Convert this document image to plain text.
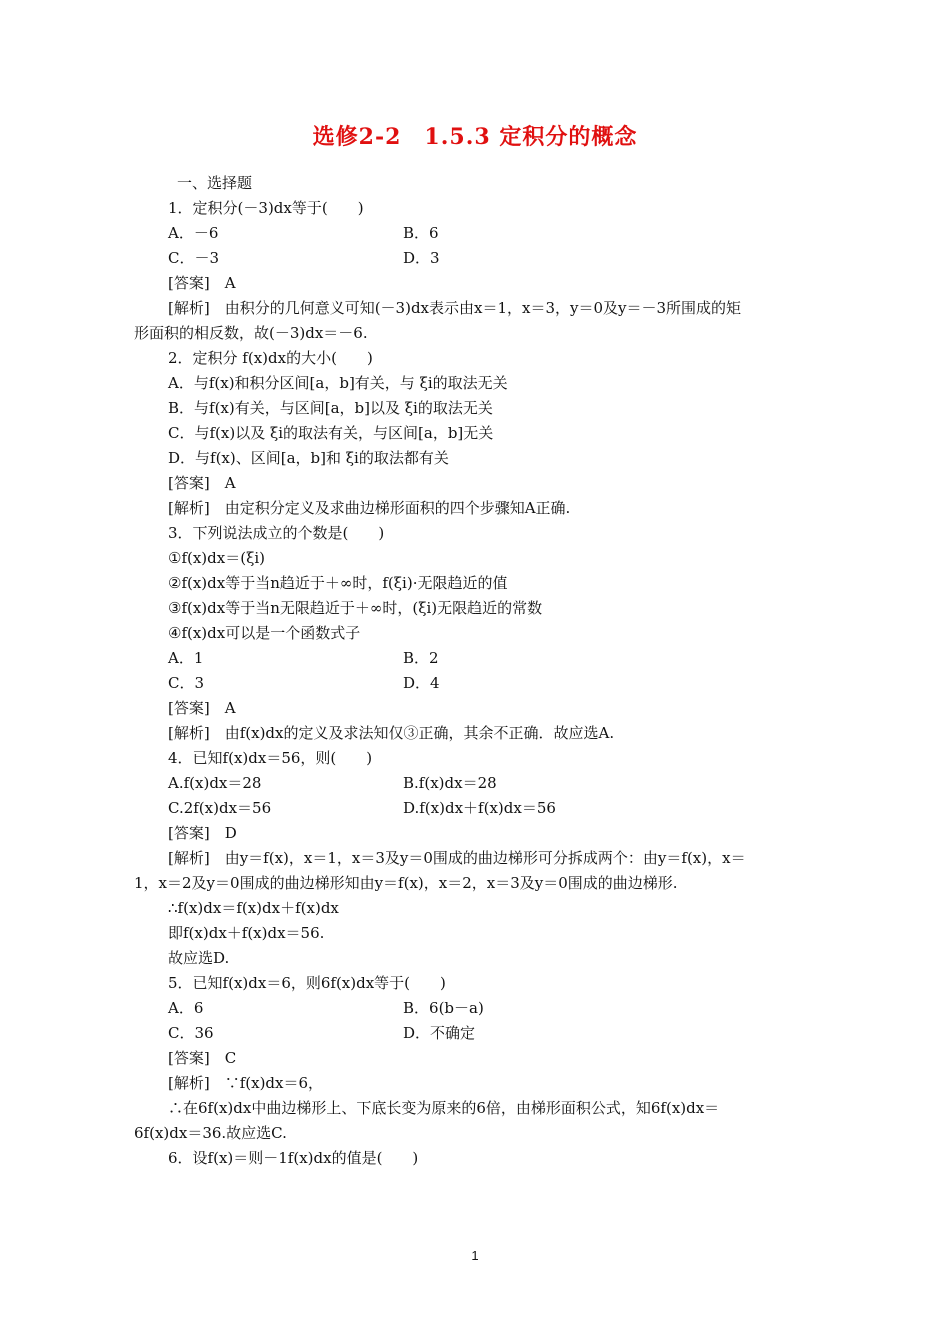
选修2-2　1.5.3 定积分的概念
一、选择题
1．定积分(－3)dx等于(　　)
A．－6	B．6
C．－3	D．3
[答案]　A
[解析]　由积分的几何意义可知(－3)dx表示由x＝1，x＝3，y＝0及y＝－3所围成的矩
形面积的相反数，故(－3)dx＝－6.
2．定积分 f(x)dx的大小(　　)
A．与f(x)和积分区间[a，b]有关，与 ξi的取法无关
B．与f(x)有关，与区间[a，b]以及 ξi的取法无关
C．与f(x)以及 ξi的取法有关，与区间[a，b]无关
D．与f(x)、区间[a，b]和 ξi的取法都有关
[答案]　A
[解析]　由定积分定义及求曲边梯形面积的四个步骤知A正确.
3．下列说法成立的个数是(　　)
①f(x)dx＝(ξi)
②f(x)dx等于当n趋近于＋∞时，f(ξi)·无限趋近的值
③f(x)dx等于当n无限趋近于＋∞时，(ξi)无限趋近的常数
④f(x)dx可以是一个函数式子
A．1	B．2
C．3	D．4
[答案]　A
[解析]　由f(x)dx的定义及求法知仅③正确，其余不正确．故应选A.
4．已知f(x)dx＝56，则(　　)
A.f(x)dx＝28	B.f(x)dx＝28
C.2f(x)dx＝56	D.f(x)dx＋f(x)dx＝56
[答案]　D
[解析]　由y＝f(x)，x＝1，x＝3及y＝0围成的曲边梯形可分拆成两个：由y＝f(x)，x＝
1，x＝2及y＝0围成的曲边梯形知由y＝f(x)，x＝2，x＝3及y＝0围成的曲边梯形.
∴f(x)dx＝f(x)dx＋f(x)dx
即f(x)dx＋f(x)dx＝56.
故应选D.
5．已知f(x)dx＝6，则6f(x)dx等于(　　)
A．6	B．6(b－a)
C．36	D．不确定
[答案]　C
[解析]　∵f(x)dx＝6，
∴在6f(x)dx中曲边梯形上、下底长变为原来的6倍，由梯形面积公式，知6f(x)dx＝
6f(x)dx＝36.故应选C.
6．设f(x)＝则－1f(x)dx的值是(　　)
1
